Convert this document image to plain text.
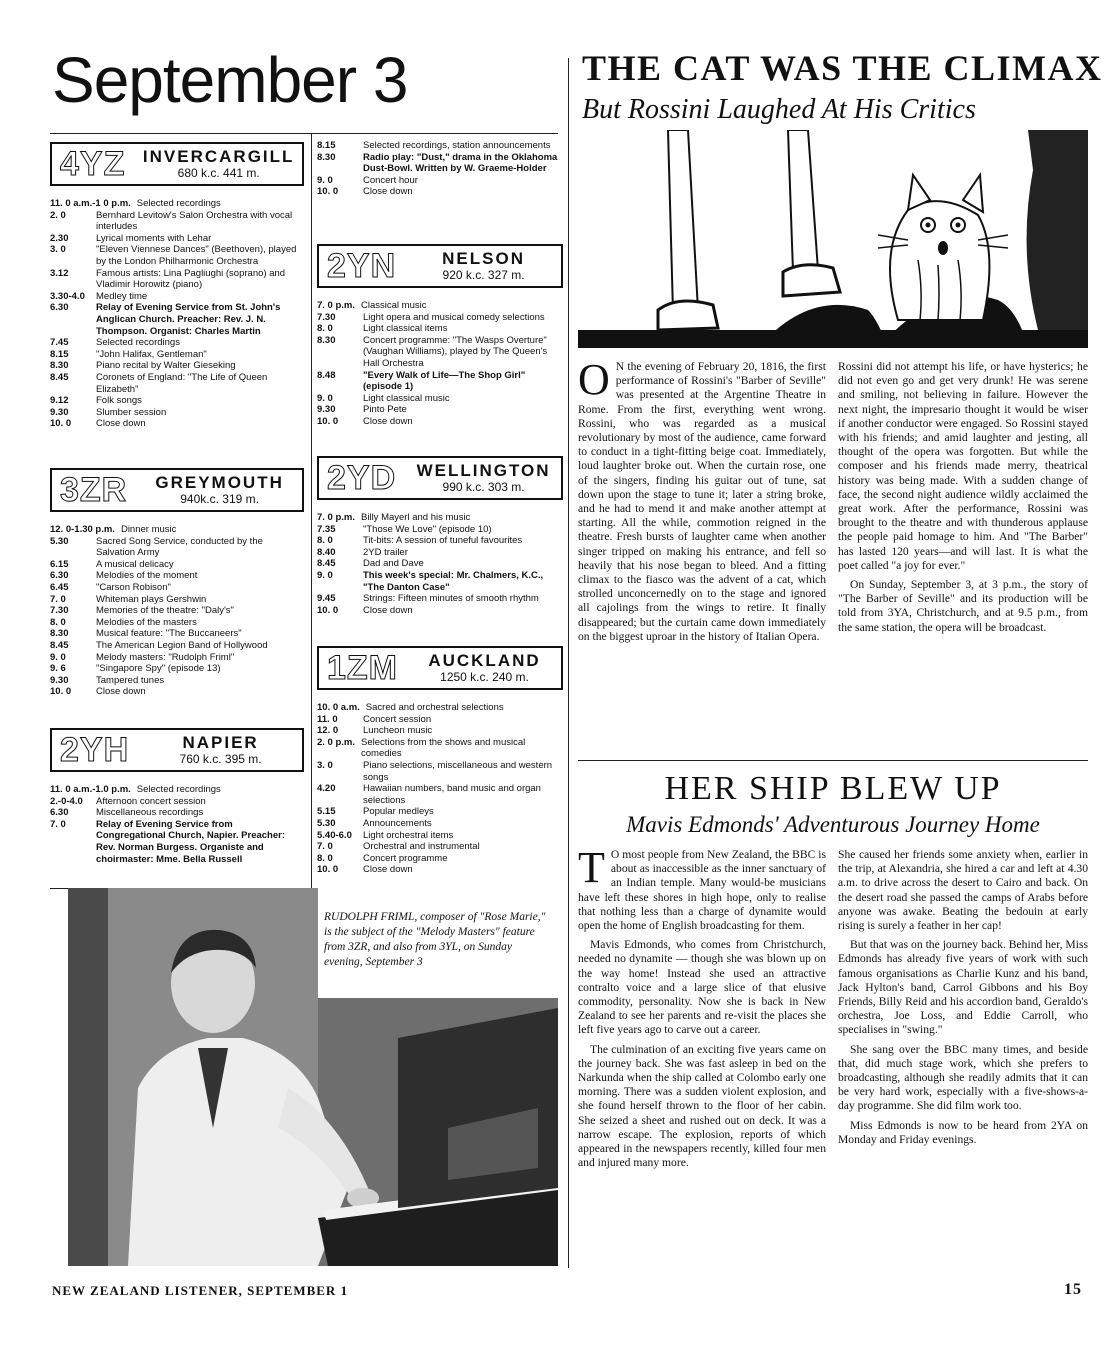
September 3
4YZ	INVERCARGILL
680 k.c. 441 m.
11. 0 a.m.-1 0 p.m. Selected recordings
2. 0	Bernhard Levitow's Salon Orchestra with vocal interludes
2.30	Lyrical moments with Lehar
3. 0	"Eleven Viennese Dances" (Beethoven), played by the London Philharmonic Orchestra
3.12	Famous artists: Lina Pagliughi (soprano) and Vladimir Horowitz (piano)
3.30-4.0	Medley time
6.30	Relay of Evening Service from St. John's Anglican Church. Preacher: Rev. J. N. Thompson. Organist: Charles Martin
7.45	Selected recordings
8.15	"John Halifax, Gentleman"
8.30	Piano recital by Walter Gieseking
8.45	Coronets of England: "The Life of Queen Elizabeth"
9.12	Folk songs
9.30	Slumber session
10. 0	Close down
3ZR	GREYMOUTH
940k.c. 319 m.
12. 0-1.30 p.m. Dinner music
5.30	Sacred Song Service, conducted by the Salvation Army
6.15	A musical delicacy
6.30	Melodies of the moment
6.45	"Carson Robison"
7. 0	Whiteman plays Gershwin
7.30	Memories of the theatre: "Daly's"
8. 0	Melodies of the masters
8.30	Musical feature: "The Buccaneers"
8.45	The American Legion Band of Hollywood
9. 0	Melody masters: "Rudolph Friml"
9. 6	"Singapore Spy" (episode 13)
9.30	Tampered tunes
10. 0	Close down
2YH	NAPIER
760 k.c. 395 m.
11. 0 a.m.-1.0 p.m. Selected recordings
2.-0-4.0	Afternoon concert session
6.30	Miscellaneous recordings
7. 0	Relay of Evening Service from Congregational Church, Napier. Preacher: Rev. Norman Burgess. Organiste and choirmaster: Mme. Bella Russell
8.15	Selected recordings, station announcements
8.30	Radio play: "Dust," drama in the Oklahoma Dust-Bowl. Written by W. Graeme-Holder
9. 0	Concert hour
10. 0	Close down
2YN	NELSON
920 k.c. 327 m.
7. 0 p.m. Classical music
7.30	Light opera and musical comedy selections
8. 0	Light classical items
8.30	Concert programme: "The Wasps Overture" (Vaughan Williams), played by The Queen's Hall Orchestra
8.48	"Every Walk of Life—The Shop Girl" (episode 1)
9. 0	Light classical music
9.30	Pinto Pete
10. 0	Close down
2YD	WELLINGTON
990 k.c. 303 m.
7. 0 p.m. Billy Mayerl and his music
7.35	"Those We Love" (episode 10)
8. 0	Tit-bits: A session of tuneful favourites
8.40	2YD trailer
8.45	Dad and Dave
9. 0	This week's special: Mr. Chalmers, K.C., "The Danton Case"
9.45	Strings: Fifteen minutes of smooth rhythm
10. 0	Close down
1ZM	AUCKLAND
1250 k.c. 240 m.
10. 0 a.m. Sacred and orchestral selections
11. 0	Concert session
12. 0	Luncheon music
2. 0 p.m. Selections from the shows and musical comedies
3. 0	Piano selections, miscellaneous and western songs
4.20	Hawaiian numbers, band music and organ selections
5.15	Popular medleys
5.30	Announcements
5.40-6.0	Light orchestral items
7. 0	Orchestral and instrumental
8. 0	Concert programme
10. 0	Close down
RUDOLPH FRIML, composer of "Rose Marie," is the subject of the "Melody Masters" feature from 3ZR, and also from 3YL, on Sunday evening, September 3
THE CAT WAS THE CLIMAX
But Rossini Laughed At His Critics
O N the evening of February 20, 1816, the first performance of Rossini's "Barber of Seville" was presented at the Argentine Theatre in Rome. From the first, everything went wrong. Rossini, who was regarded as a musical revolutionary by most of the audience, came forward to conduct in a tight-fitting beige coat. Immediately, loud laughter broke out. When the curtain rose, one of the singers, finding his guitar out of tune, sat down upon the stage to tune it; later a string broke, and he had to mend it and make another attempt at starting. All the while, commotion reigned in the theatre. Fresh bursts of laughter came when another singer tripped on making his entrance, and fell so heavily that his nose began to bleed. And a fitting climax to the fiasco was the advent of a cat, which strolled unconcernedly on to the stage and ignored all cajolings from the wings to retire. It finally disappeared; but the curtain came down immediately on the biggest uproar in the history of Italian Opera.

Rossini did not attempt his life, or have hysterics; he did not even go and get very drunk! He was serene and smiling, not believing in failure. However the next night, the impresario thought it would be wiser if another conductor were engaged. So Rossini stayed with his friends; and amid laughter and jesting, all thought of the opera was forgotten. But while the composer and his friends made merry, theatrical history was being made. With a sudden change of face, the second night audience wildly acclaimed the great work. After the performance, Rossini was brought to the theatre and with thunderous applause the people paid homage to him. And "The Barber" has lasted 120 years—and will last. It is what the poet called "a joy for ever."

On Sunday, September 3, at 3 p.m., the story of "The Barber of Seville" and its production will be told from 3YA, Christchurch, and at 9.5 p.m., from the same station, the opera will be broadcast.

HER SHIP BLEW UP
Mavis Edmonds' Adventurous Journey Home
T O most people from New Zealand, the BBC is about as inaccessible as the inner sanctuary of an Indian temple. Many would-be musicians have left these shores in high hope, only to realise that nothing less than a charge of dynamite would open the home of English broadcasting for them.

Mavis Edmonds, who comes from Christchurch, needed no dynamite — though she was blown up on the way home! Instead she used an attractive contralto voice and a large slice of that elusive commodity, personality. Now she is back in New Zealand to see her parents and re-visit the places she left five years ago to carve out a career.

The culmination of an exciting five years came on the journey back. She was fast asleep in bed on the Narkunda when the ship called at Colombo early one morning. There was a sudden violent explosion, and she found herself thrown to the floor of her cabin. She seized a sheet and rushed out on deck. It was a narrow escape. The explosion, reports of which appeared in the newspapers recently, killed four men and injured many more.

She caused her friends some anxiety when, earlier in the trip, at Alexandria, she hired a car and left at 4.30 a.m. to drive across the desert to Cairo and back. On the desert road she passed the camps of Arabs before anyone was awake. Beating the bedouin at early rising is surely a feather in her cap!

But that was on the journey back. Behind her, Miss Edmonds has already five years of work with such famous organisations as Charlie Kunz and his band, Jack Hylton's band, Carrol Gibbons and his Boy Friends, Billy Reid and his accordion band, Geraldo's orchestra, Joe Loss, and Eddie Carroll, who specialises in "swing."

She sang over the BBC many times, and beside that, did much stage work, which she prefers to broadcasting, although she readily admits that it can be very hard work, especially with a five-shows-a-day programme. She did film work too.

Miss Edmonds is now to be heard from 2YA on Monday and Friday evenings.

NEW ZEALAND LISTENER, SEPTEMBER 1	15
